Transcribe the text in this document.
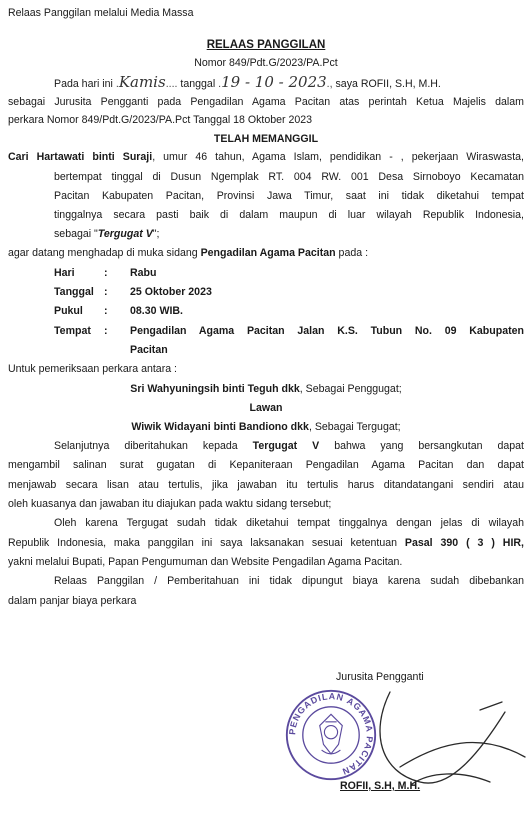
Relaas Panggilan melalui Media Massa
RELAAS PANGGILAN
Nomor 849/Pdt.G/2023/PA.Pct
Pada hari ini .Kamis.... tanggal .19 - 10 - 2023., saya ROFII, S.H, M.H.
sebagai Jurusita Pengganti pada Pengadilan Agama Pacitan atas perintah Ketua Majelis dalam
perkara Nomor 849/Pdt.G/2023/PA.Pct Tanggal 18 Oktober 2023
TELAH MEMANGGIL
Cari Hartawati binti Suraji, umur 46 tahun, Agama Islam, pendidikan - , pekerjaan Wiraswasta,
bertempat tinggal di Dusun Ngemplak RT. 004 RW. 001 Desa Sirnoboyo Kecamatan
Pacitan Kabupaten Pacitan, Provinsi Jawa Timur, saat ini tidak diketahui tempat
tinggalnya secara pasti baik di dalam maupun di luar wilayah Republik Indonesia,
sebagai "Tergugat V";
agar datang menghadap di muka sidang Pengadilan Agama Pacitan pada :
Hari	: Rabu
Tanggal : 25 Oktober 2023
Pukul : 08.30 WIB.
Tempat : Pengadilan Agama Pacitan Jalan K.S. Tubun No. 09 Kabupaten
Pacitan
Untuk pemeriksaan perkara antara :
Sri Wahyuningsih binti Teguh dkk, Sebagai Penggugat;
Lawan
Wiwik Widayani binti Bandiono dkk, Sebagai Tergugat;
Selanjutnya diberitahukan kepada Tergugat V bahwa yang bersangkutan dapat
mengambil salinan surat gugatan di Kepaniteraan Pengadilan Agama Pacitan dan dapat
menjawab secara lisan atau tertulis, jika jawaban itu tertulis harus ditandatangani sendiri atau
oleh kuasanya dan jawaban itu diajukan pada waktu sidang tersebut;
Oleh karena Tergugat sudah tidak diketahui tempat tinggalnya dengan jelas di wilayah
Republik Indonesia, maka panggilan ini saya laksanakan sesuai ketentuan Pasal 390 ( 3 ) HIR,
yakni melalui Bupati, Papan Pengumuman dan Website Pengadilan Agama Pacitan.
Relaas Panggilan / Pemberitahuan ini tidak dipungut biaya karena sudah dibebankan
dalam panjar biaya perkara
PENGADILAN AGAMA PACITAN
Jurusita Pengganti
ROFII, S.H, M.H.
